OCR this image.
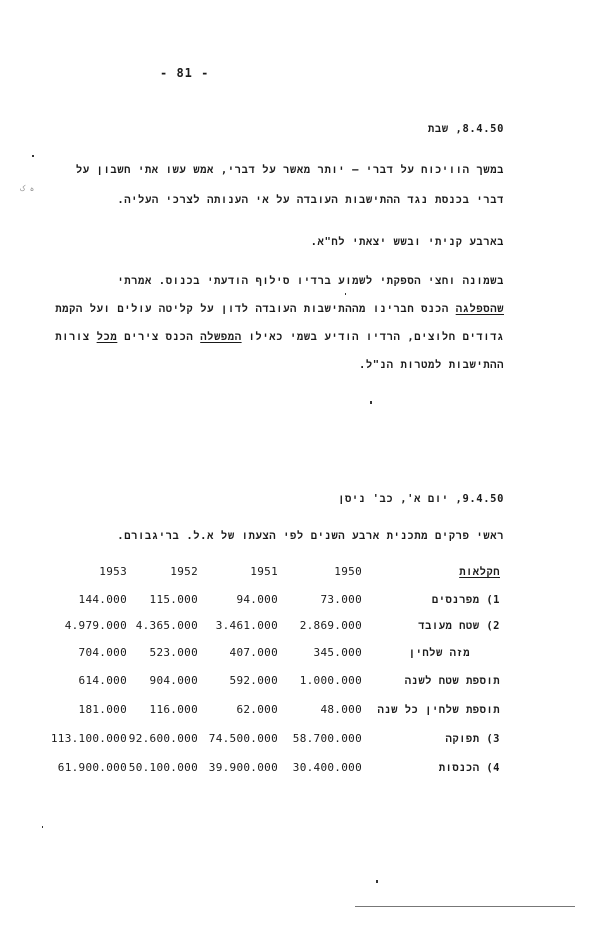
- 81 -
8.4.50, שבת
במשך הוויכוח על דברי – יותר מאשר על דברי, אמש עשו אתי חשבון על
דברי בכנסת נגד ההתישבות העובדה על אי הענותה לצרכי העליה.
ہ ک
בארבע קניתי ובשש יצאתי לח"א.
בשמונה וחצי הספקתי לשמוע ברדיו סילוף הודעתי בכנוס. אמרתי
שהספלגה הכנס חברינו מההתישבות העובדה לדון על קליטה עולים ועל הקמת
גדודים חלוצים, הרדיו הודיע בשמי כאילו המפשלה הכנס צירים מכל צורות
ההתישבות למטרות הנ"ל.
9.4.50, יום א', כב' ניסן
ראשי פרקים מתכנית ארבע השנים לפי הצעתו של א.ל. בריגבורם.
חקלאות
1950
1951
1952
1953
1) מפרנסים
73.000
94.000
115.000
144.000
2) שטח מעובד
2.869.000
3.461.000
4.365.000
4.979.000
מזה שלחין
345.000
407.000
523.000
704.000
תוספת שטח לשנה
1.000.000
592.000
904.000
614.000
תוספת שלחין כל שנה
48.000
62.000
116.000
181.000
3) תפוקה
58.700.000
74.500.000
92.600.000
113.100.000
4) הכנסות
30.400.000
39.900.000
50.100.000
61.900.000
